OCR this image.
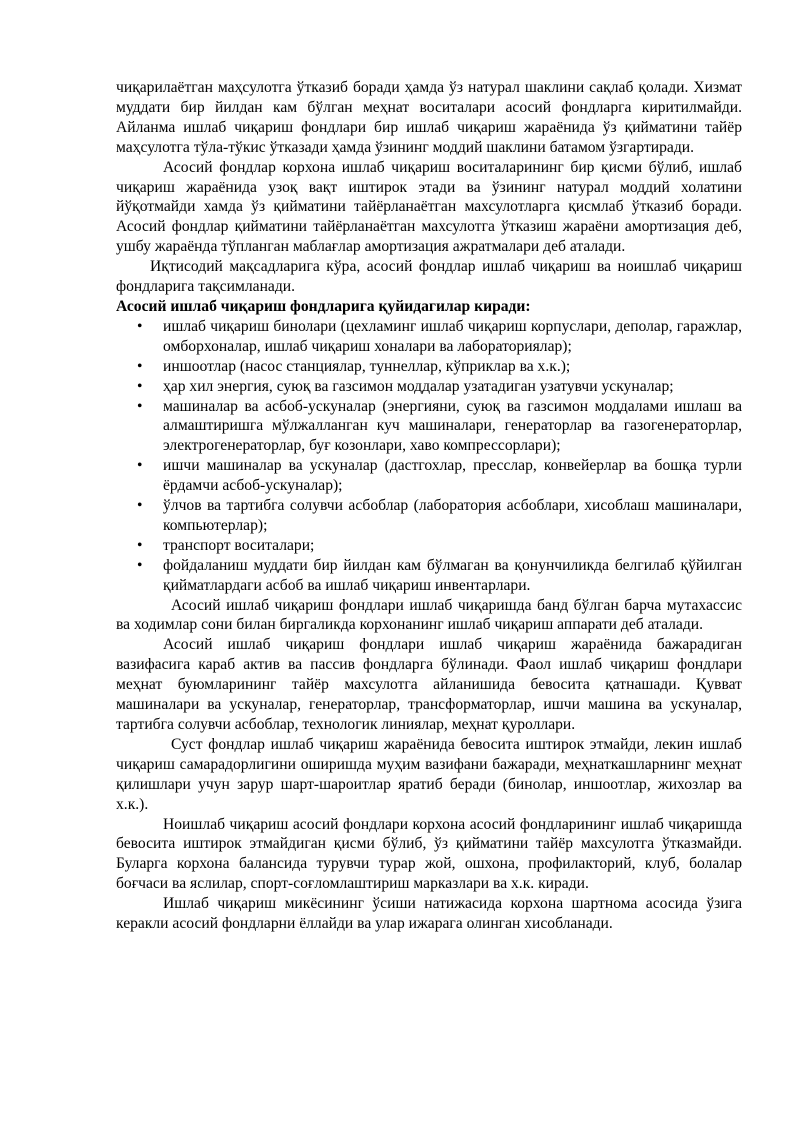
чиқарилаётган маҳсулотга ўтказиб боради ҳамда ўз натурал шаклини сақлаб қолади. Хизмат муддати бир йилдан кам бўлган меҳнат воситалари асосий фондларга киритилмайди. Айланма ишлаб чиқариш фондлари бир ишлаб чиқариш жараёнида ўз қийматини тайёр маҳсулотга тўла-тўкис ўтказади ҳамда ўзининг моддий шаклини батамом ўзгартиради.

Асосий фондлар корхона ишлаб чиқариш воситаларининг бир қисми бўлиб, ишлаб чиқариш жараёнида узоқ вақт иштирок этади ва ўзининг натурал моддий холатини йўқотмайди хамда ўз қийматини тайёрланаётган махсулотларга қисмлаб ўтказиб боради. Асосий фондлар қийматини тайёрланаётган махсулотга ўтказиш жараёни амортизация деб, ушбу жараёнда тўпланган маблағлар амортизация ажратмалари деб аталади.

Иқтисодий мақсадларига кўра, асосий фондлар ишлаб чиқариш ва ноишлаб чиқариш фондларига тақсимланади.

Асосий ишлаб чиқариш фондларига қуйидагилар киради:

• ишлаб чиқариш бинолари (цехламинг ишлаб чиқариш корпуслари, деполар, гаражлар, омборхоналар, ишлаб чиқариш хоналари ва лабораториялар);
• иншоотлар (насос станциялар, туннеллар, кўприклар ва х.к.);
• ҳар хил энергия, суюқ ва газсимон моддалар узатадиган узатувчи ускуналар;
• машиналар ва асбоб-ускуналар (энергияни, суюқ ва газсимон моддалами ишлаш ва алмаштиришга мўлжалланган куч машиналари, генераторлар ва газогенераторлар, электрогенераторлар, буғ козонлари, хаво компрессорлари);
• ишчи машиналар ва ускуналар (дастгохлар, пресслар, конвейерлар ва бошқа турли ёрдамчи асбоб-ускуналар);
• ўлчов ва тартибга солувчи асбоблар (лаборатория асбоблари, хисоблаш машиналари, компьютерлар);
• транспорт воситалари;
• фойдаланиш муддати бир йилдан кам бўлмаган ва қонунчиликда белгилаб қўйилган қийматлардаги асбоб ва ишлаб чиқариш инвентарлари.

Асосий ишлаб чиқариш фондлари ишлаб чиқаришда банд бўлган барча мутахассис ва ходимлар сони билан биргаликда корхонанинг ишлаб чиқариш аппарати деб аталади.

Асосий ишлаб чиқариш фондлари ишлаб чиқариш жараёнида бажарадиган вазифасига караб актив ва пассив фондларга бўлинади. Фаол ишлаб чиқариш фондлари меҳнат буюмларининг тайёр махсулотга айланишида бевосита қатнашади. Қувват машиналари ва ускуналар, генераторлар, трансформаторлар, ишчи машина ва ускуналар, тартибга солувчи асбоблар, технологик линиялар, меҳнат қуроллари.

Суст фондлар ишлаб чиқариш жараёнида бевосита иштирок этмайди, лекин ишлаб чиқариш самарадорлигини оширишда муҳим вазифани бажаради, меҳнаткашларнинг меҳнат қилишлари учун зарур шарт-шароитлар яратиб беради (бинолар, иншоотлар, жихозлар ва х.к.).

Ноишлаб чиқариш асосий фондлари корхона асосий фондларининг ишлаб чиқаришда бевосита иштирок этмайдиган қисми бўлиб, ўз қийматини тайёр махсулотга ўтказмайди. Буларга корхона балансида турувчи турар жой, ошхона, профилакторий, клуб, болалар боғчаси ва яслилар, спорт-соғломлаштириш марказлари ва х.к. киради.

Ишлаб чиқариш микёсининг ўсиши натижасида корхона шартнома асосида ўзига керакли асосий фондларни ёллайди ва улар ижарага олинган хисобланади.
